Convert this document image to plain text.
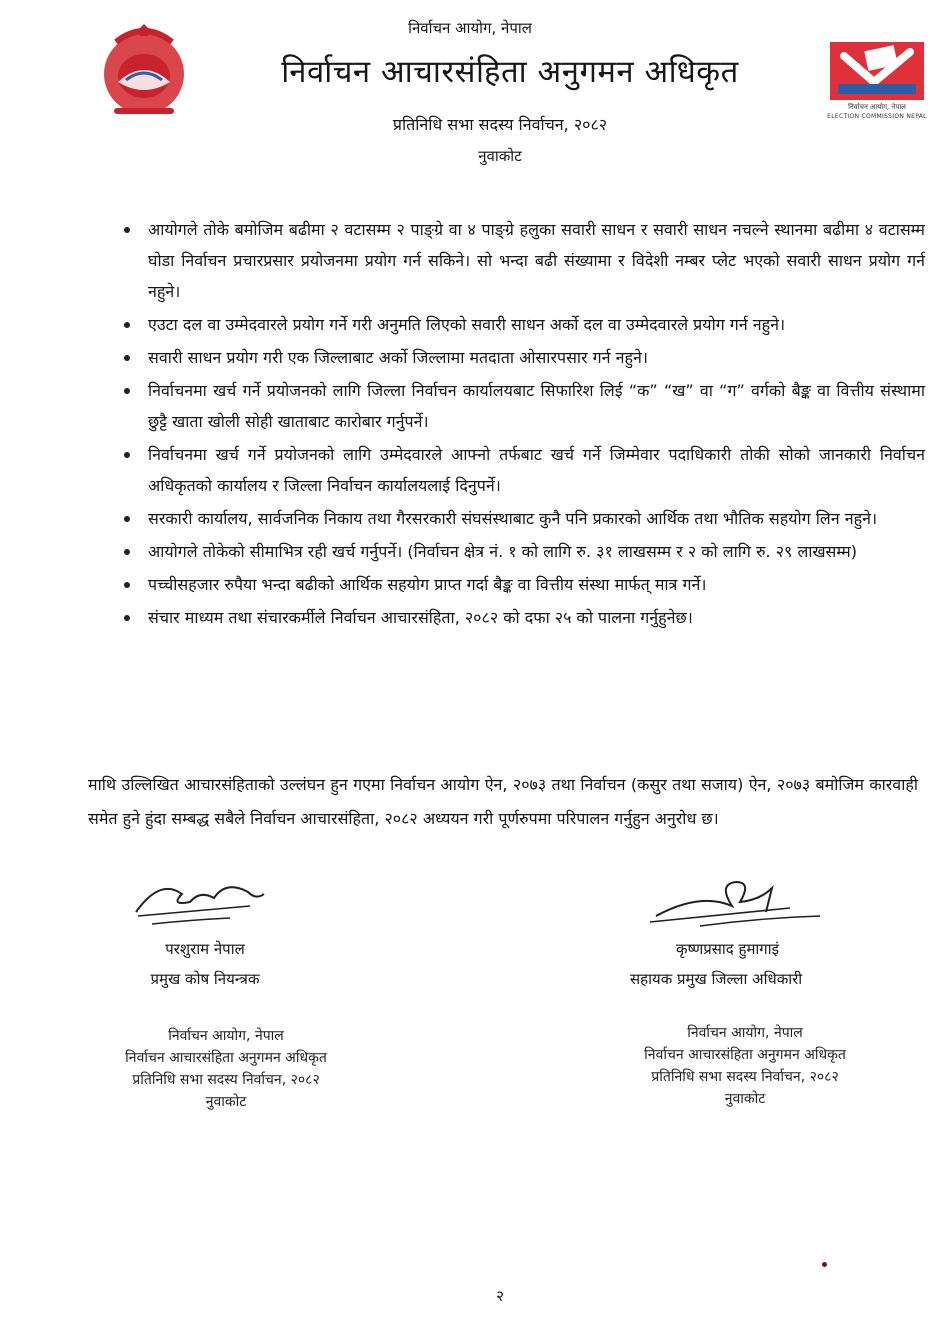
निर्वाचन आयोग, नेपाल
निर्वाचन आचारसंहिता अनुगमन अधिकृत
प्रतिनिधि सभा सदस्य निर्वाचन, २०८२
नुवाकोट
निर्वाचन आयोग, नेपाल
ELECTION COMMISSION NEPAL
आयोगले तोके बमोजिम बढीमा २ वटासम्म २ पाङ्ग्रे वा ४ पाङ्ग्रे हलुका सवारी साधन र सवारी साधन नचल्ने स्थानमा बढीमा ४ वटासम्म घोडा निर्वाचन प्रचारप्रसार प्रयोजनमा प्रयोग गर्न सकिने। सो भन्दा बढी संख्यामा र विदेशी नम्बर प्लेट भएको सवारी साधन प्रयोग गर्न नहुने।
एउटा दल वा उम्मेदवारले प्रयोग गर्ने गरी अनुमति लिएको सवारी साधन अर्को दल वा उम्मेदवारले प्रयोग गर्न नहुने।
सवारी साधन प्रयोग गरी एक जिल्लाबाट अर्को जिल्लामा मतदाता ओसारपसार गर्न नहुने।
निर्वाचनमा खर्च गर्ने प्रयोजनको लागि जिल्ला निर्वाचन कार्यालयबाट सिफारिश लिई “क” “ख” वा “ग” वर्गको बैङ्क वा वित्तीय संस्थामा छुट्टै खाता खोली सोही खाताबाट कारोबार गर्नुपर्ने।
निर्वाचनमा खर्च गर्ने प्रयोजनको लागि उम्मेदवारले आफ्नो तर्फबाट खर्च गर्ने जिम्मेवार पदाधिकारी तोकी सोको जानकारी निर्वाचन अधिकृतको कार्यालय र जिल्ला निर्वाचन कार्यालयलाई दिनुपर्ने।
सरकारी कार्यालय, सार्वजनिक निकाय तथा गैरसरकारी संघसंस्थाबाट कुनै पनि प्रकारको आर्थिक तथा भौतिक सहयोग लिन नहुने।
आयोगले तोकेको सीमाभित्र रही खर्च गर्नुपर्ने। (निर्वाचन क्षेत्र नं. १ को लागि रु. ३१ लाखसम्म र २ को लागि रु. २९ लाखसम्म)
पच्चीसहजार रुपैया भन्दा बढीको आर्थिक सहयोग प्राप्त गर्दा बैङ्क वा वित्तीय संस्था मार्फत् मात्र गर्ने।
संचार माध्यम तथा संचारकर्मीले निर्वाचन आचारसंहिता, २०८२ को दफा २५ को पालना गर्नुहुनेछ।

माथि उल्लिखित आचारसंहिताको उल्लंघन हुन गएमा निर्वाचन आयोग ऐन, २०७३ तथा निर्वाचन (कसुर तथा सजाय) ऐन, २०७३ बमोजिम कारवाही समेत हुने हुंदा सम्बद्ध सबैले निर्वाचन आचारसंहिता, २०८२ अध्ययन गरी पूर्णरुपमा परिपालन गर्नुहुन अनुरोध छ।

परशुराम नेपाल
प्रमुख कोष नियन्त्रक
कृष्णप्रसाद हुमागाइं
सहायक प्रमुख जिल्ला अधिकारी
निर्वाचन आयोग, नेपाल
निर्वाचन आचारसंहिता अनुगमन अधिकृत
प्रतिनिधि सभा सदस्य निर्वाचन, २०८२
नुवाकोट
निर्वाचन आयोग, नेपाल
निर्वाचन आचारसंहिता अनुगमन अधिकृत
प्रतिनिधि सभा सदस्य निर्वाचन, २०८२
नुवाकोट
२
